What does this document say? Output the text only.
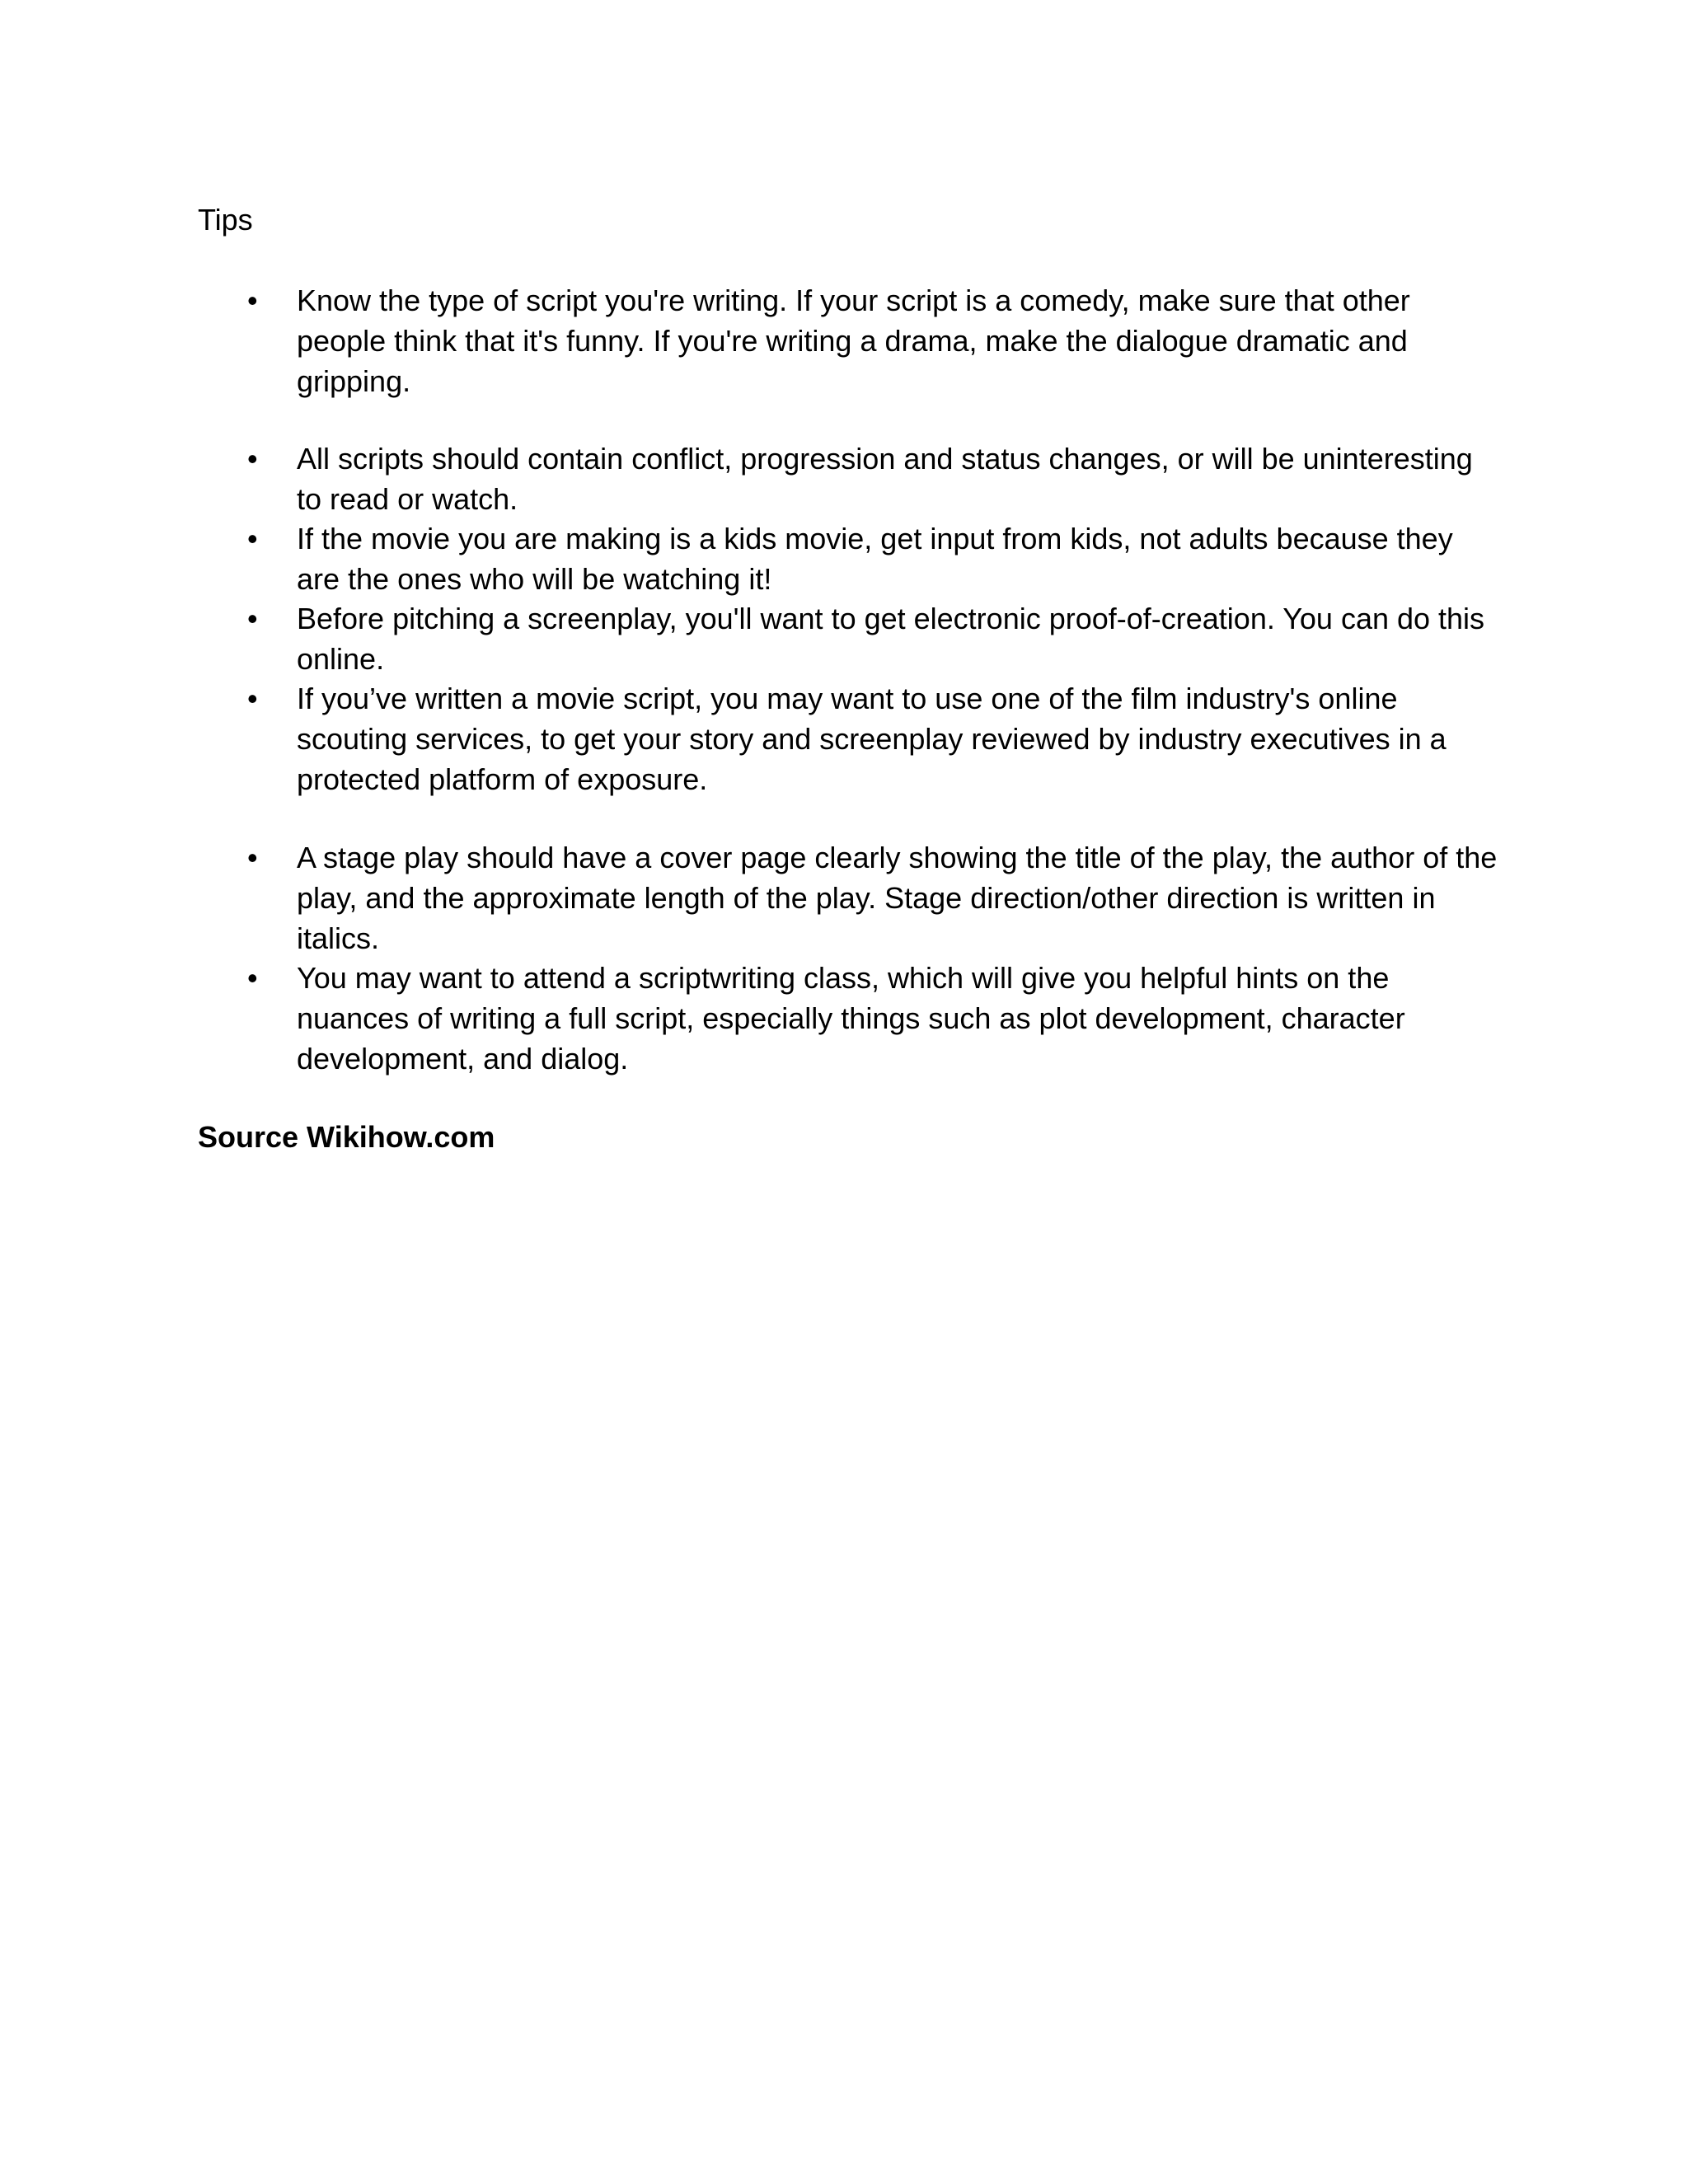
Tips

• Know the type of script you're writing. If your script is a comedy, make sure that other people think that it's funny. If you're writing a drama, make the dialogue dramatic and gripping.
• All scripts should contain conflict, progression and status changes, or will be uninteresting to read or watch.
• If the movie you are making is a kids movie, get input from kids, not adults because they are the ones who will be watching it!
• Before pitching a screenplay, you'll want to get electronic proof-of-creation. You can do this online.
• If you’ve written a movie script, you may want to use one of the film industry's online scouting services, to get your story and screenplay reviewed by industry executives in a protected platform of exposure.
• A stage play should have a cover page clearly showing the title of the play, the author of the play, and the approximate length of the play. Stage direction/other direction is written in italics.
• You may want to attend a scriptwriting class, which will give you helpful hints on the nuances of writing a full script, especially things such as plot development, character development, and dialog.

Source Wikihow.com
